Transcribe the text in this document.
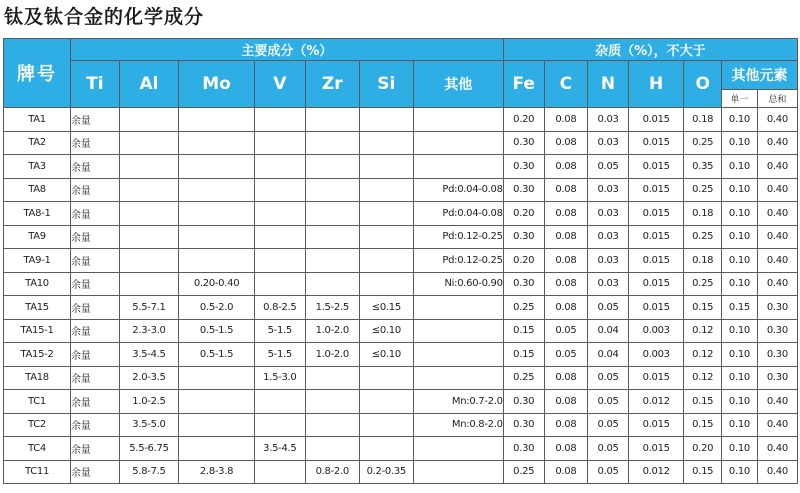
钛及钛合金的化学成分
牌号	主要成分（%）							杂质（%），不大于						
	Ti	Al	Mo	V	Zr	Si	其他	Fe	C	N	H	O	其他元素	
													单一	总和
TA1	余量							0.20	0.08	0.03	0.015	0.18	0.10	0.40
TA2	余量							0.30	0.08	0.03	0.015	0.25	0.10	0.40
TA3	余量							0.30	0.08	0.05	0.015	0.35	0.10	0.40
TA8	余量						Pd:0.04-0.08	0.30	0.08	0.03	0.015	0.25	0.10	0.40
TA8-1	余量						Pd:0.04-0.08	0.20	0.08	0.03	0.015	0.18	0.10	0.40
TA9	余量						Pd:0.12-0.25	0.30	0.08	0.03	0.015	0.25	0.10	0.40
TA9-1	余量						Pd:0.12-0.25	0.20	0.08	0.03	0.015	0.18	0.10	0.40
TA10	余量		0.20-0.40				Ni:0.60-0.90	0.30	0.08	0.03	0.015	0.25	0.10	0.40
TA15	余量	5.5-7.1	0.5-2.0	0.8-2.5	1.5-2.5	≤0.15		0.25	0.08	0.05	0.015	0.15	0.15	0.30
TA15-1	余量	2.3-3.0	0.5-1.5	5-1.5	1.0-2.0	≤0.10		0.15	0.05	0.04	0.003	0.12	0.10	0.30
TA15-2	余量	3.5-4.5	0.5-1.5	5-1.5	1.0-2.0	≤0.10		0.15	0.05	0.04	0.003	0.12	0.10	0.30
TA18	余量	2.0-3.5		1.5-3.0				0.25	0.08	0.05	0.015	0.12	0.10	0.30
TC1	余量	1.0-2.5					Mn:0.7-2.0	0.30	0.08	0.05	0.012	0.15	0.10	0.40
TC2	余量	3.5-5.0					Mn:0.8-2.0	0.30	0.08	0.05	0.015	0.15	0.10	0.40
TC4	余量	5.5-6.75		3.5-4.5				0.30	0.08	0.05	0.015	0.20	0.10	0.40
TC11	余量	5.8-7.5	2.8-3.8		0.8-2.0	0.2-0.35		0.25	0.08	0.05	0.012	0.15	0.10	0.40
